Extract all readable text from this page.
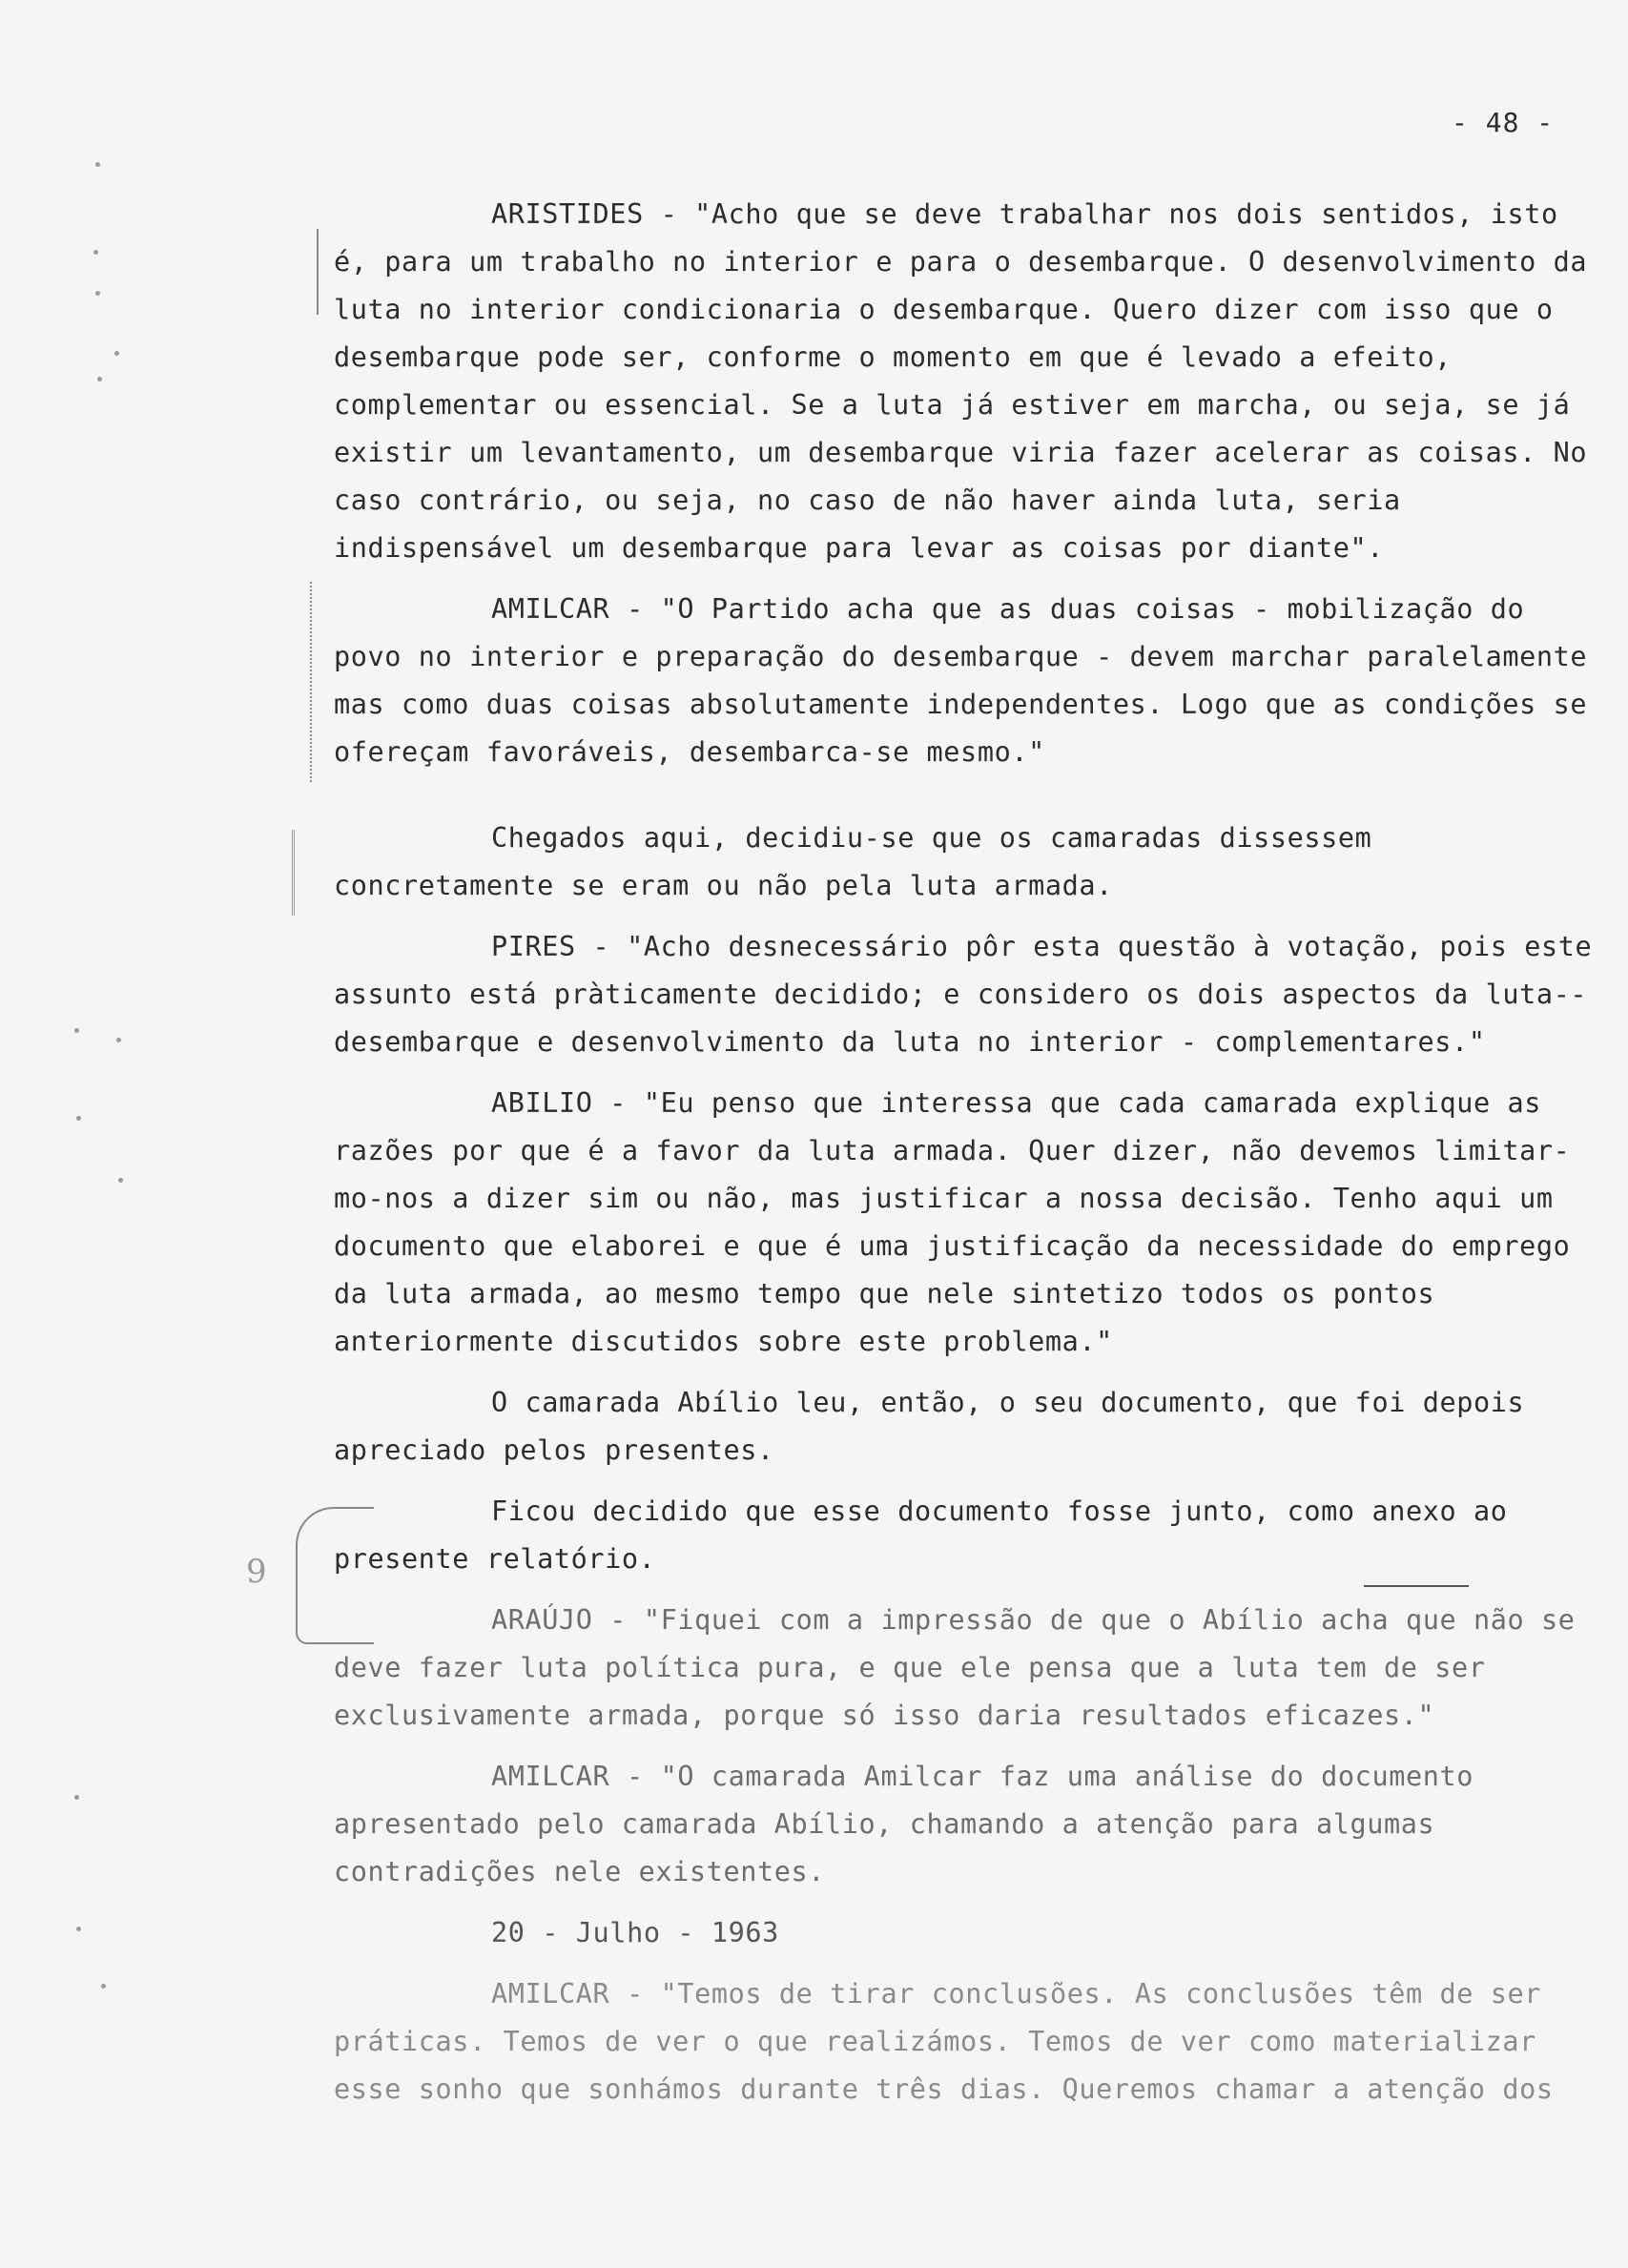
- 48 -
9

ARISTIDES - "Acho que se deve trabalhar nos dois sentidos, isto é, para um trabalho no interior e para o desembarque. O desenvolvimento da luta no interior condicionaria o desembarque. Quero dizer com isso que o desembarque pode ser, conforme o momento em que é levado a efeito, complementar ou essencial. Se a luta já estiver em marcha, ou seja, se já existir um levantamento, um desembarque viria fazer acelerar as coisas. No caso contrário, ou seja, no caso de não haver ainda luta, seria indispensável um desembarque para levar as coisas por diante".

AMILCAR - "O Partido acha que as duas coisas - mobilização do povo no interior e preparação do desembarque - devem marchar paralelamente mas como duas coisas absolutamente independentes. Logo que as condições se ofereçam favoráveis, desembarca-se mesmo."

Chegados aqui, decidiu-se que os camaradas dissessem concretamente se eram ou não pela luta armada.

PIRES - "Acho desnecessário pôr esta questão à votação, pois este assunto está pràticamente decidido; e considero os dois aspectos da luta--desembarque e desenvolvimento da luta no interior - complementares."

ABILIO - "Eu penso que interessa que cada camarada explique as razões por que é a favor da luta armada. Quer dizer, não devemos limitar-mo-nos a dizer sim ou não, mas justificar a nossa decisão. Tenho aqui um documento que elaborei e que é uma justificação da necessidade do emprego da luta armada, ao mesmo tempo que nele sintetizo todos os pontos anteriormente discutidos sobre este problema."

O camarada Abílio leu, então, o seu documento, que foi depois apreciado pelos presentes.

Ficou decidido que esse documento fosse junto, como anexo ao presente relatório.

ARAÚJO - "Fiquei com a impressão de que o Abílio acha que não se deve fazer luta política pura, e que ele pensa que a luta tem de ser exclusivamente armada, porque só isso daria resultados eficazes."

AMILCAR - "O camarada Amilcar faz uma análise do documento apresentado pelo camarada Abílio, chamando a atenção para algumas contradições nele existentes.

20 - Julho - 1963

AMILCAR - "Temos de tirar conclusões. As conclusões têm de ser práticas. Temos de ver o que realizámos. Temos de ver como materializar esse sonho que sonhámos durante três dias. Queremos chamar a atenção dos
